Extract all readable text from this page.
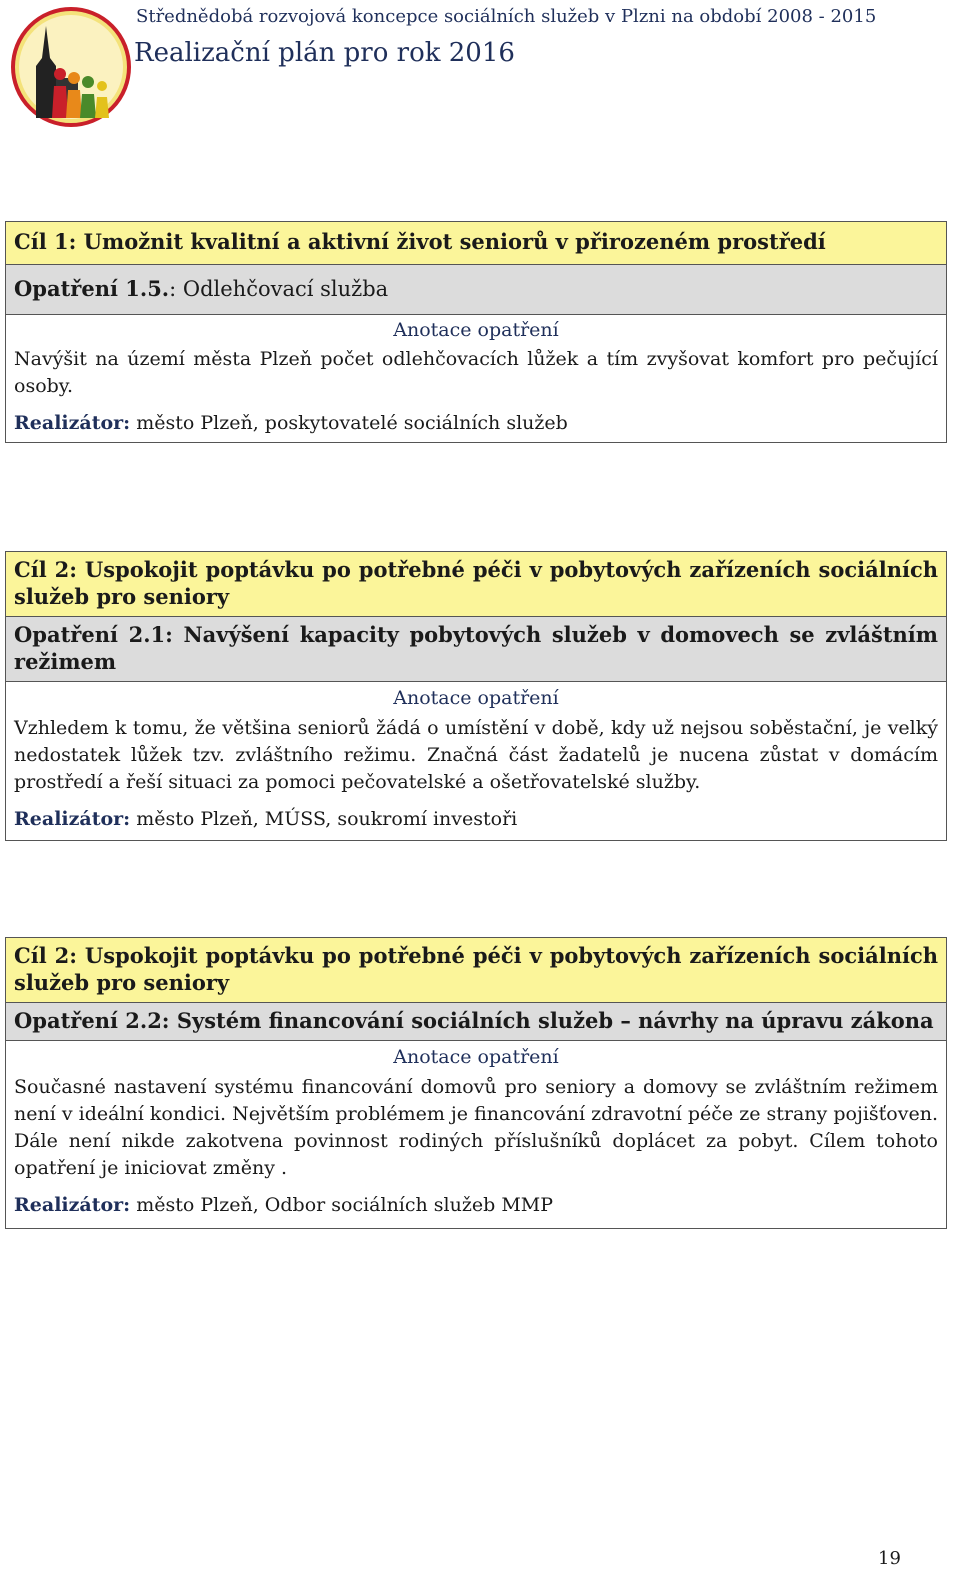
Střednědobá rozvojová koncepce sociálních služeb v Plzni na období 2008 - 2015
Realizační plán pro rok 2016
Cíl 1: Umožnit kvalitní a aktivní život seniorů v přirozeném prostředí
Opatření 1.5.: Odlehčovací služba
Anotace opatření
Navýšit na území města Plzeň počet odlehčovacích lůžek a tím zvyšovat komfort pro pečující osoby.
Realizátor: město Plzeň, poskytovatelé sociálních služeb
Cíl 2: Uspokojit poptávku po potřebné péči v pobytových zařízeních sociálních služeb pro seniory
Opatření 2.1: Navýšení kapacity pobytových služeb v domovech se zvláštním režimem
Anotace opatření
Vzhledem k tomu, že většina seniorů žádá o umístění v době, kdy už nejsou soběstační, je velký nedostatek lůžek tzv. zvláštního režimu. Značná část žadatelů je nucena zůstat v domácím prostředí a řeší situaci za pomoci pečovatelské a ošetřovatelské služby.
Realizátor: město Plzeň, MÚSS, soukromí investoři
Cíl 2: Uspokojit poptávku po potřebné péči v pobytových zařízeních sociálních služeb pro seniory
Opatření 2.2: Systém financování sociálních služeb – návrhy na úpravu zákona
Anotace opatření
Současné nastavení systému financování domovů pro seniory a domovy se zvláštním režimem není v ideální kondici. Největším problémem je financování zdravotní péče ze strany pojišťoven. Dále není nikde zakotvena povinnost rodiných příslušníků doplácet za pobyt. Cílem tohoto opatření je iniciovat změny .
Realizátor: město Plzeň, Odbor sociálních služeb MMP
19
